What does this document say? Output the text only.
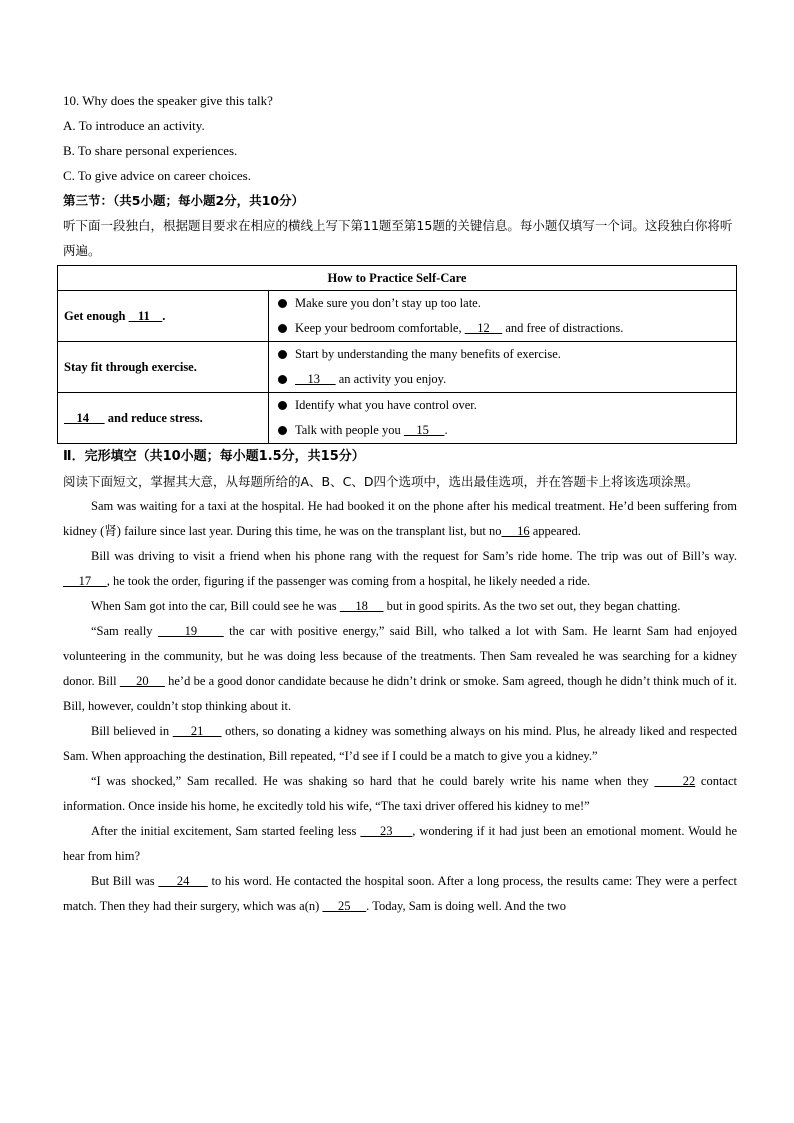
10. Why does the speaker give this talk?

A. To introduce an activity.

B. To share personal experiences.

C. To give advice on career choices.

第三节：（共5小题；每小题2分，共10分）

听下面一段独白，根据题目要求在相应的横线上写下第11题至第15题的关键信息。每小题仅填写一个词。这段独白你将听两遍。

How to Practice Self-Care	
Get enough    11    .	Make sure you don’t stay up too late.
Keep your bedroom comfortable,     12     and free of distractions.

Stay fit through exercise.	Start by understanding the many benefits of exercise.
13      an activity you enjoy.

14      and reduce stress.	Identify what you have control over.
Talk with people you     15     .

Ⅱ．完形填空（共10小题；每小题1.5分，共15分）

阅读下面短文，掌握其大意，从每题所给的A、B、C、D四个选项中，选出最佳选项，并在答题卡上将该选项涂黑。

Sam was waiting for a taxi at the hospital. He had booked it on the phone after his medical treatment. He’d been suffering from kidney (肾) failure since last year. During this time, he was on the transplant list, but no     16 appeared.

Bill was driving to visit a friend when his phone rang with the request for Sam’s ride home. The trip was out of Bill’s way.      17     , he took the order, figuring if the passenger was coming from a hospital, he likely needed a ride.

When Sam got into the car, Bill could see he was      18      but in good spirits. As the two set out, they began chatting.

“Sam really      19      the car with positive energy,” said Bill, who talked a lot with Sam. He learnt Sam had enjoyed volunteering in the community, but he was doing less because of the treatments. Then Sam revealed he was searching for a kidney donor. Bill      20      he’d be a good donor candidate because he didn’t drink or smoke. Sam agreed, though he didn’t think much of it. Bill, however, couldn’t stop thinking about it.

Bill believed in      21      others, so donating a kidney was something always on his mind. Plus, he already liked and respected Sam. When approaching the destination, Bill repeated, “I’d see if I could be a match to give you a kidney.”

“I was shocked,” Sam recalled. He was shaking so hard that he could barely write his name when they      22 contact information. Once inside his home, he excitedly told his wife, “The taxi driver offered his kidney to me!”

After the initial excitement, Sam started feeling less      23     , wondering if it had just been an emotional moment. Would he hear from him?

But Bill was      24      to his word. He contacted the hospital soon. After a long process, the results came: They were a perfect match. Then they had their surgery, which was a(n)      25     . Today, Sam is doing well. And the two
